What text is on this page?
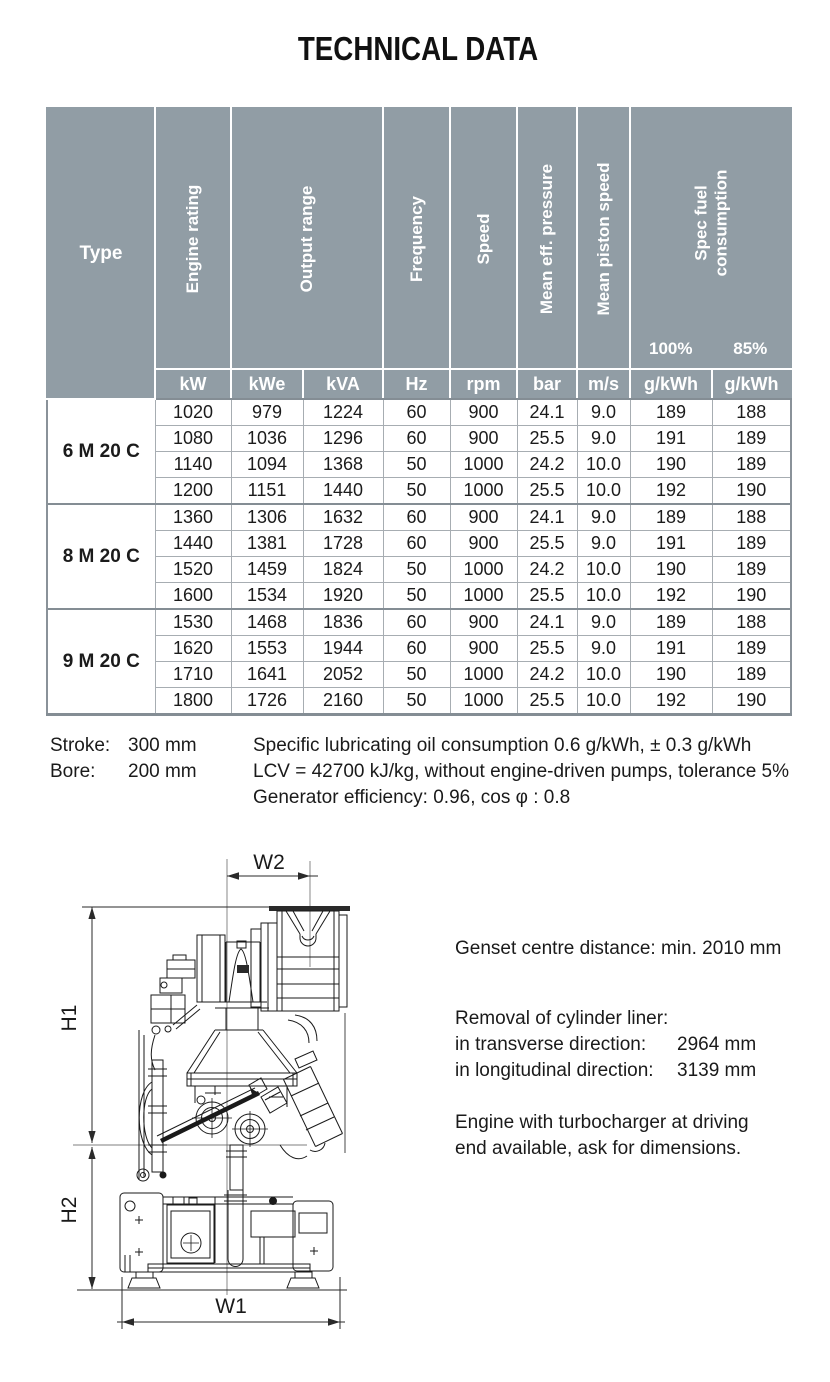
TECHNICAL DATA
Type	Engine rating	Output range		Frequency	Speed	Mean eff. pressure	Mean piston speed	Spec fuel consumption
100% 85%	

	kW	kWe	kVA	Hz	rpm	bar	m/s	g/kWh	g/kWh
6 M 20 C	1020	979	1224	60	900	24.1	9.0	189	188
	1080	1036	1296	60	900	25.5	9.0	191	189
	1140	1094	1368	50	1000	24.2	10.0	190	189
	1200	1151	1440	50	1000	25.5	10.0	192	190
8 M 20 C	1360	1306	1632	60	900	24.1	9.0	189	188
	1440	1381	1728	60	900	25.5	9.0	191	189
	1520	1459	1824	50	1000	24.2	10.0	190	189
	1600	1534	1920	50	1000	25.5	10.0	192	190
9 M 20 C	1530	1468	1836	60	900	24.1	9.0	189	188
	1620	1553	1944	60	900	25.5	9.0	191	189
	1710	1641	2052	50	1000	24.2	10.0	190	189
	1800	1726	2160	50	1000	25.5	10.0	192	190
Stroke: 300 mm
Bore: 200 mm
Specific lubricating oil consumption 0.6 g/kWh, ± 0.3 g/kWh
LCV = 42700 kJ/kg, without engine-driven pumps, tolerance 5%
Generator efficiency: 0.96, cos φ : 0.8
W2
W1
H1
H2
Genset centre distance: min. 2010 mm
Removal of cylinder liner:
in transverse direction: 2964 mm
in longitudinal direction: 3139 mm
Engine with turbocharger at driving
end available, ask for dimensions.
